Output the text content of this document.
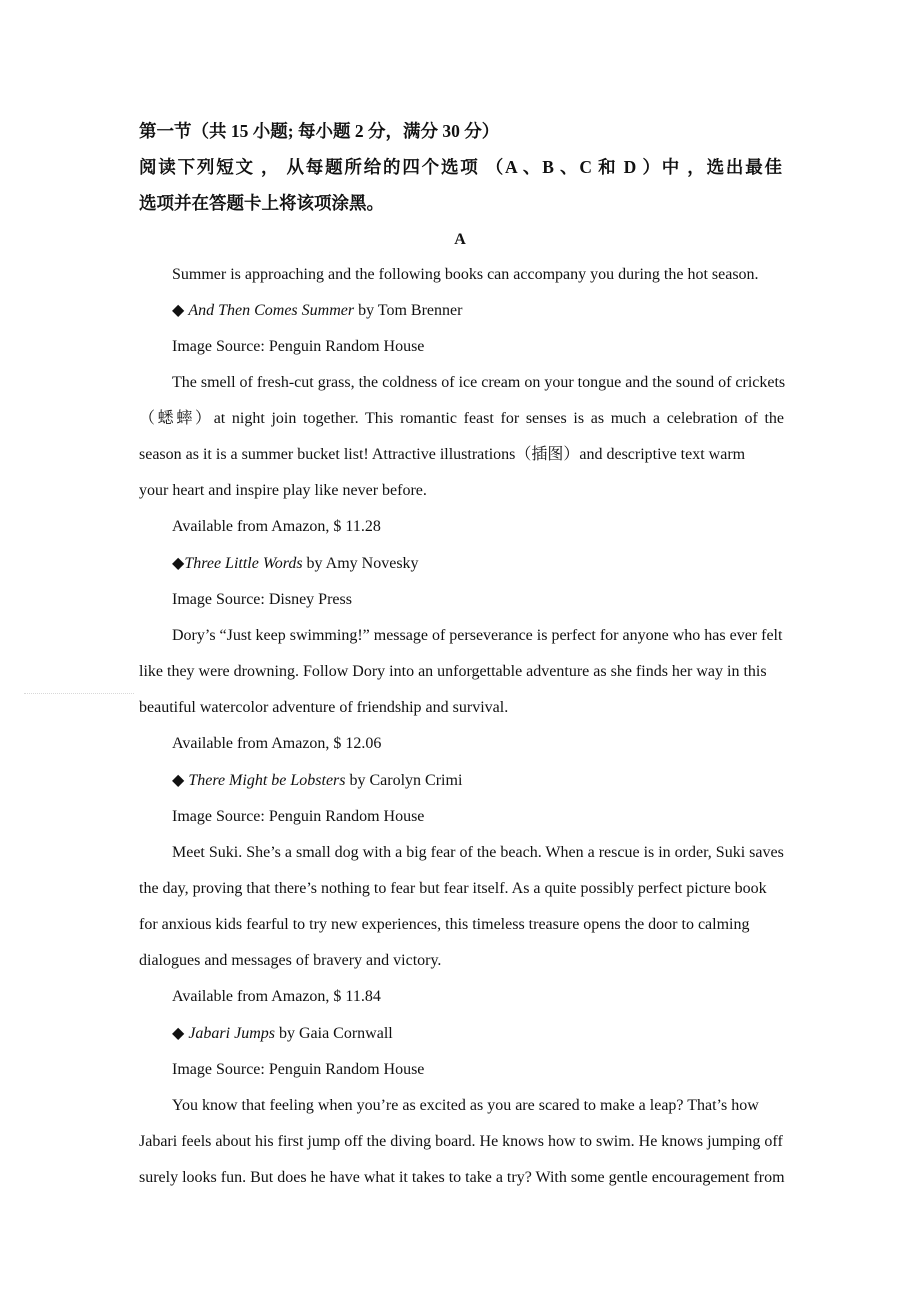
第一节（共 15 小题; 每小题 2 分，满分 30 分）
阅读下列短文 ， 从每题所给的四个选项 （A 、B 、C 和 D ）中 ，选出最佳
选项并在答题卡上将该项涂黑。
A
Summer is approaching and the following books can accompany you during the hot season.
◆ And Then Comes Summer by Tom Brenner
Image Source: Penguin Random House
The smell of fresh-cut grass, the coldness of ice cream on your tongue and the sound of crickets
（蟋蟀）at night join together. This romantic feast for senses is as much a celebration of the
season as it is a summer bucket list! Attractive illustrations（插图）and descriptive text warm
your heart and inspire play like never before.
Available from Amazon, $ 11.28
◆Three Little Words by Amy Novesky
Image Source: Disney Press
Dory’s “Just keep swimming!” message of perseverance is perfect for anyone who has ever felt
like they were drowning. Follow Dory into an unforgettable adventure as she finds her way in this
beautiful watercolor adventure of friendship and survival.
Available from Amazon, $ 12.06
◆ There Might be Lobsters by Carolyn Crimi
Image Source: Penguin Random House
Meet Suki. She’s a small dog with a big fear of the beach. When a rescue is in order, Suki saves
the day, proving that there’s nothing to fear but fear itself. As a quite possibly perfect picture book
for anxious kids fearful to try new experiences, this timeless treasure opens the door to calming
dialogues and messages of bravery and victory.
Available from Amazon, $ 11.84
◆ Jabari Jumps by Gaia Cornwall
Image Source: Penguin Random House
You know that feeling when you’re as excited as you are scared to make a leap? That’s how
Jabari feels about his first jump off the diving board. He knows how to swim. He knows jumping off
surely looks fun. But does he have what it takes to take a try? With some gentle encouragement from
